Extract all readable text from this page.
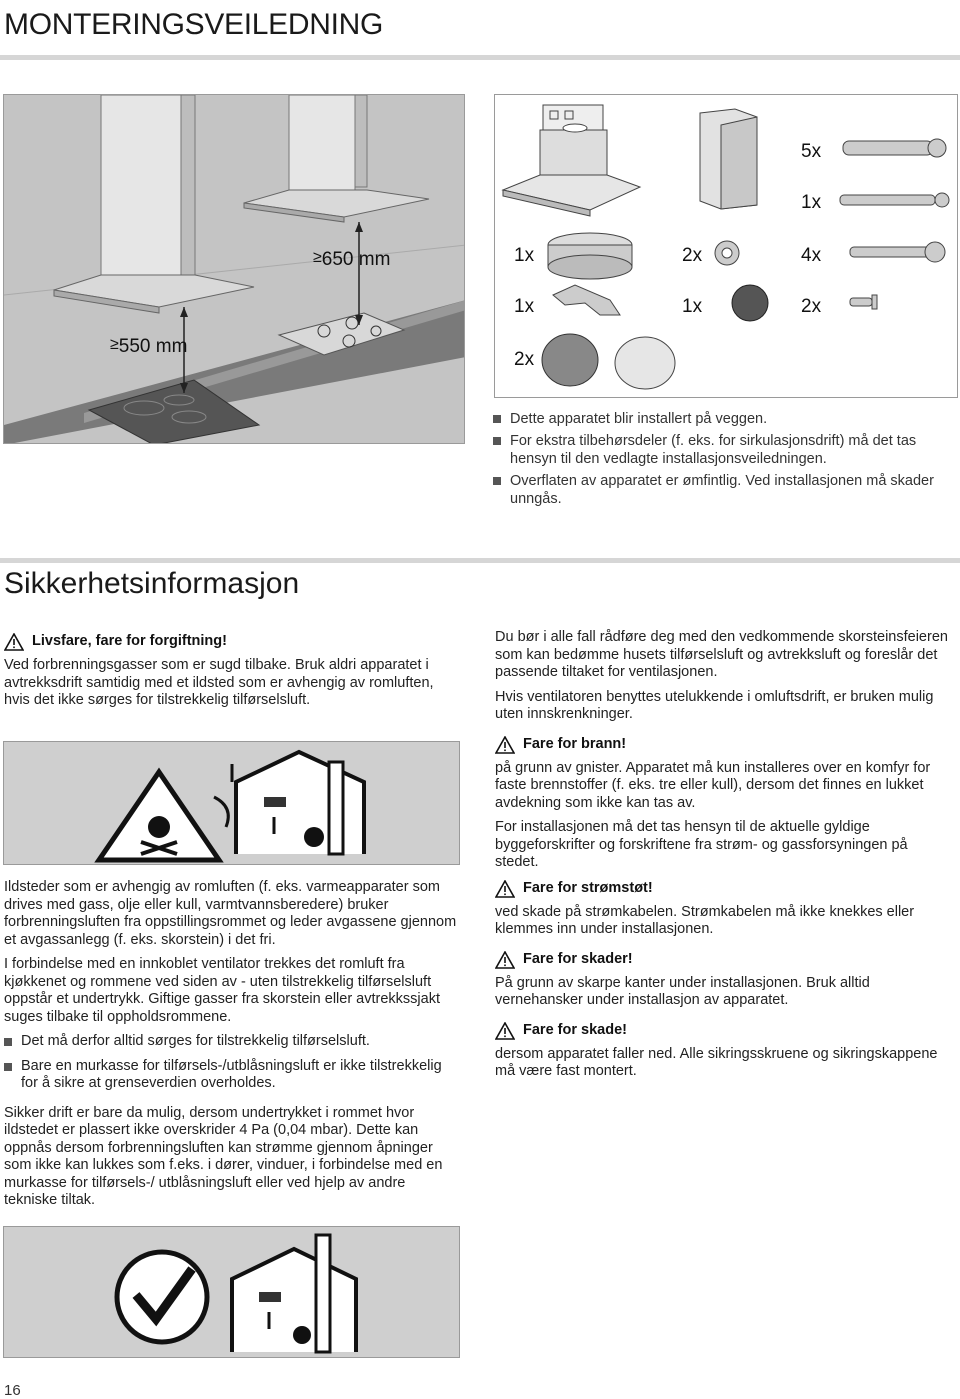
MONTERINGSVEILEDNING
≥550 mm
≥650 mm
5x
1x
1x	2x	4x
1x	1x	2x
2x
Dette apparatet blir installert på veggen.
For ekstra tilbehørsdeler (f. eks. for sirkulasjonsdrift) må det tas hensyn til den vedlagte installasjonsveiledningen.
Overflaten av apparatet er ømfintlig. Ved installasjonen må skader unngås.
Sikkerhetsinformasjon
Livsfare, fare for forgiftning!

Ved forbrenningsgasser som er sugd tilbake. Bruk aldri apparatet i avtrekksdrift samtidig med et ildsted som er avhengig av romluften, hvis det ikke sørges for tilstrekkelig tilførselsluft.

Ildsteder som er avhengig av romluften (f. eks. varmeapparater som drives med gass, olje eller kull, varmtvannsberedere) bruker forbrenningsluften fra oppstillingsrommet og leder avgassene gjennom et avgassanlegg (f. eks. skorstein) i det fri.

I forbindelse med en innkoblet ventilator trekkes det romluft fra kjøkkenet og rommene ved siden av - uten tilstrekkelig tilførselsluft oppstår et undertrykk. Giftige gasser fra skorstein eller avtrekkssjakt suges tilbake til oppholdsrommene.

Det må derfor alltid sørges for tilstrekkelig tilførselsluft.
Bare en murkasse for tilførsels-/utblåsningsluft er ikke tilstrekkelig for å sikre at grenseverdien overholdes.

Sikker drift er bare da mulig, dersom undertrykket i rommet hvor ildstedet er plassert ikke overskrider 4 Pa (0,04 mbar). Dette kan oppnås dersom forbrenningsluften kan strømme gjennom åpninger som ikke kan lukkes som f.eks. i dører, vinduer, i forbindelse med en murkasse for tilførsels-/ utblåsningsluft eller ved hjelp av andre tekniske tiltak.

Du bør i alle fall rådføre deg med den vedkommende skorsteinsfeieren som kan bedømme husets tilførselsluft og avtrekksluft og foreslår det passende tiltaket for ventilasjonen.

Hvis ventilatoren benyttes utelukkende i omluftsdrift, er bruken mulig uten innskrenkninger.

Fare for brann!

på grunn av gnister. Apparatet må kun installeres over en komfyr for faste brennstoffer (f. eks. tre eller kull), dersom det finnes en lukket avdekning som ikke kan tas av.

For installasjonen må det tas hensyn til de aktuelle gyldige byggeforskrifter og forskriftene fra strøm- og gassforsyningen på stedet.

Fare for strømstøt!

ved skade på strømkabelen. Strømkabelen må ikke knekkes eller klemmes inn under installasjonen.

Fare for skader!

På grunn av skarpe kanter under installasjonen. Bruk alltid vernehansker under installasjon av apparatet.

Fare for skade!

dersom apparatet faller ned. Alle sikringsskruene og sikringskappene må være fast montert.

16
